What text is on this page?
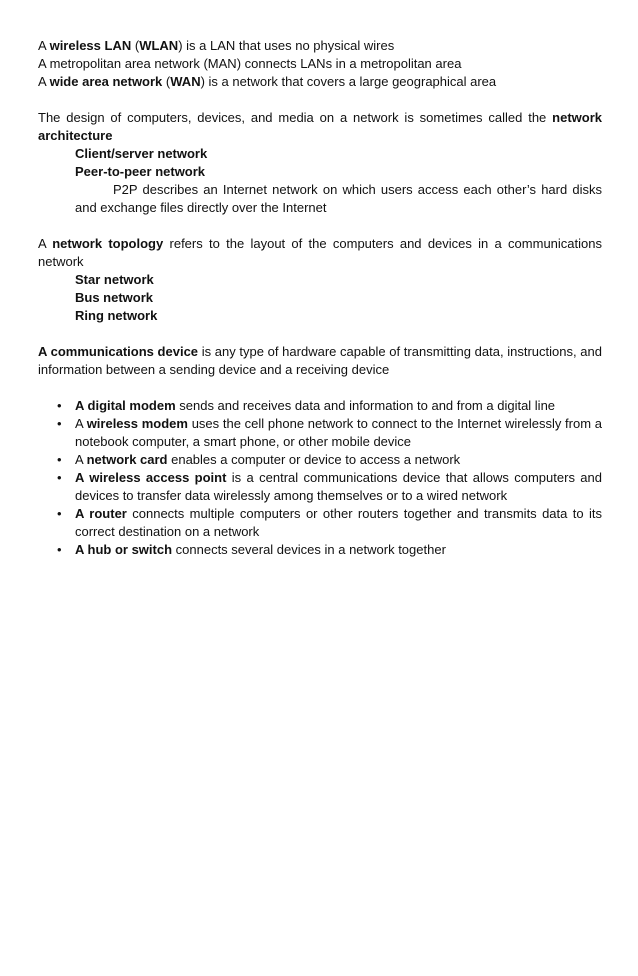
A wireless LAN (WLAN) is a LAN that uses no physical wires
A metropolitan area network (MAN) connects LANs in a metropolitan area
A wide area network (WAN) is a network that covers a large geographical area

The design of computers, devices, and media on a network is sometimes called the network architecture

Client/server network
Peer-to-peer network

P2P describes an Internet network on which users access each other’s hard disks and exchange files directly over the Internet

A network topology refers to the layout of the computers and devices in a communications network

Star network
Bus network
Ring network

A communications device is any type of hardware capable of transmitting data, instructions, and information between a sending device and a receiving device

• A digital modem sends and receives data and information to and from a digital line
• A wireless modem uses the cell phone network to connect to the Internet wirelessly from a notebook computer, a smart phone, or other mobile device
• A network card enables a computer or device to access a network
• A wireless access point is a central communications device that allows computers and devices to transfer data wirelessly among themselves or to a wired network
• A router connects multiple computers or other routers together and transmits data to its correct destination on a network
• A hub or switch connects several devices in a network together
